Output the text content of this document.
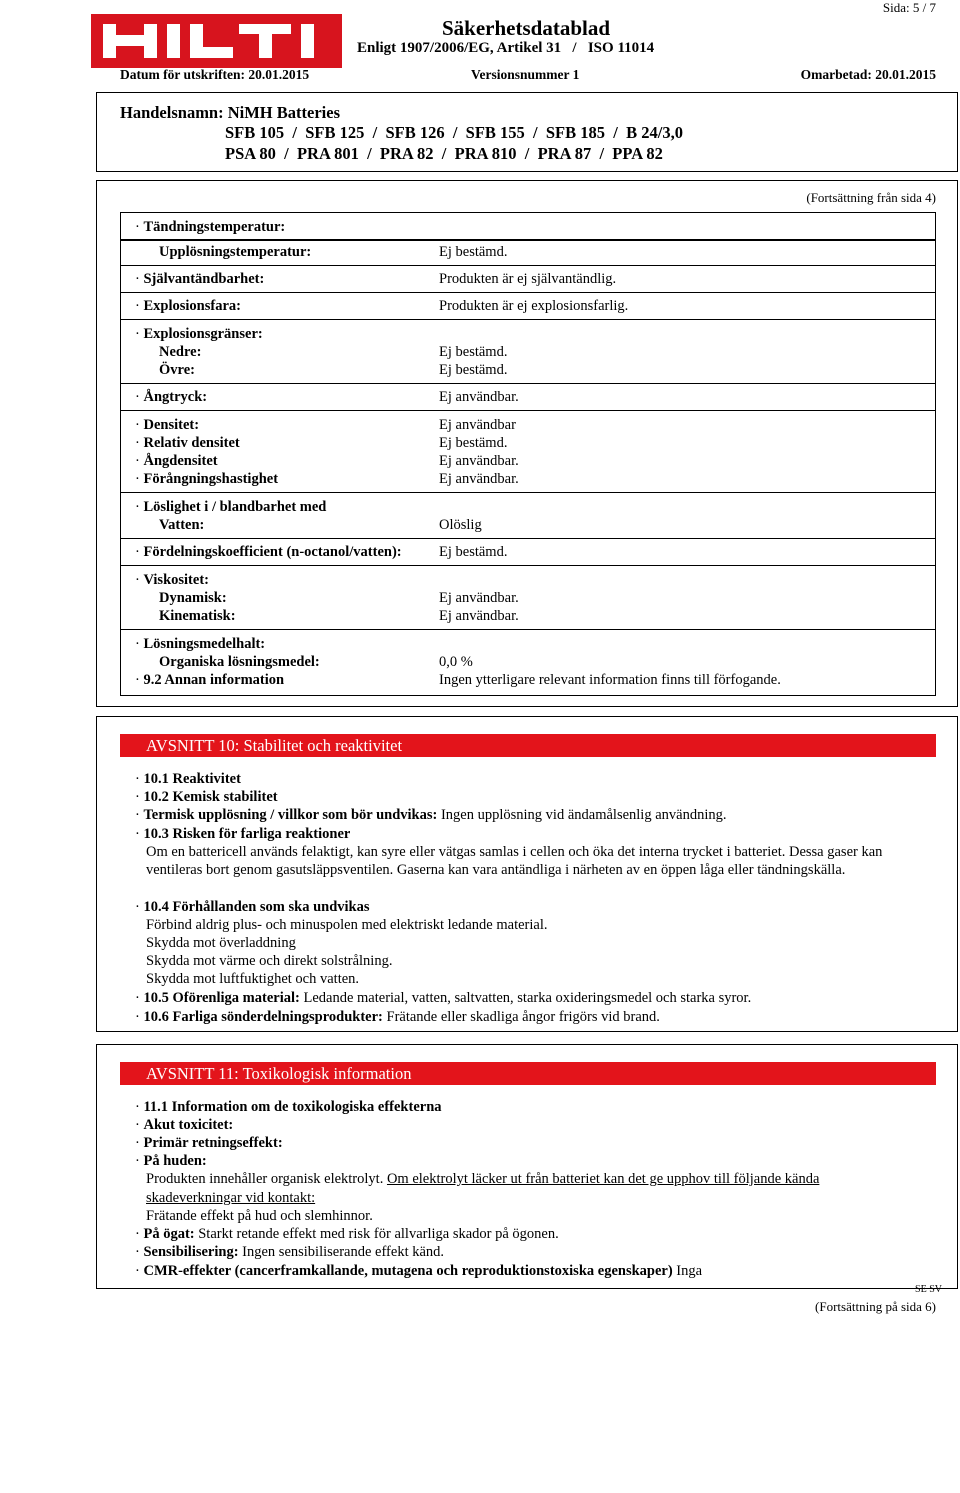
Sida: 5 / 7
Säkerhetsdatablad
Enligt 1907/2006/EG, Artikel 31   /   ISO 11014
Datum för utskriften: 20.01.2015	Versionsnummer 1	Omarbetad: 20.01.2015
Handelsnamn: NiMH Batteries
SFB 105  /  SFB 125  /  SFB 126  /  SFB 155  /  SFB 185  /  B 24/3,0
PSA 80  /  PRA 801  /  PRA 82  /  PRA 810  /  PRA 87  /  PPA 82
(Fortsättning från sida 4)
· Tändningstemperatur:
Upplösningstemperatur:	Ej bestämd.
· Självantändbarhet:	Produkten är ej självantändlig.
· Explosionsfara:	Produkten är ej explosionsfarlig.
· Explosionsgränser:
Nedre:	Ej bestämd.
Övre:	Ej bestämd.
· Ångtryck:	Ej användbar.
· Densitet:	Ej användbar
· Relativ densitet	Ej bestämd.
· Ångdensitet	Ej användbar.
· Förångningshastighet	Ej användbar.
· Löslighet i / blandbarhet med
Vatten:	Olöslig
· Fördelningskoefficient (n-octanol/vatten):	Ej bestämd.
· Viskositet:
Dynamisk:	Ej användbar.
Kinematisk:	Ej användbar.
· Lösningsmedelhalt:
Organiska lösningsmedel:	0,0 %
· 9.2 Annan information	Ingen ytterligare relevant information finns till förfogande.
AVSNITT 10: Stabilitet och reaktivitet
· 10.1 Reaktivitet
· 10.2 Kemisk stabilitet
· Termisk upplösning / villkor som bör undvikas: Ingen upplösning vid ändamålsenlig användning.
· 10.3 Risken för farliga reaktioner
Om en battericell används felaktigt, kan syre eller vätgas samlas i cellen och öka det interna trycket i batteriet. Dessa gaser kan ventileras bort genom gasutsläppsventilen. Gaserna kan vara antändliga i närheten av en öppen låga eller tändningskälla.
· 10.4 Förhållanden som ska undvikas
Förbind aldrig plus- och minuspolen med elektriskt ledande material.
Skydda mot överladdning
Skydda mot värme och direkt solstrålning.
Skydda mot luftfuktighet och vatten.
· 10.5 Oförenliga material: Ledande material, vatten, saltvatten, starka oxideringsmedel och starka syror.
· 10.6 Farliga sönderdelningsprodukter: Frätande eller skadliga ångor frigörs vid brand.
AVSNITT 11: Toxikologisk information
· 11.1 Information om de toxikologiska effekterna
· Akut toxicitet:
· Primär retningseffekt:
· På huden:
Produkten innehåller organisk elektrolyt. Om elektrolyt läcker ut från batteriet kan det ge upphov till följande kända
skadeverkningar vid kontakt:
Frätande effekt på hud och slemhinnor.
· På ögat: Starkt retande effekt med risk för allvarliga skador på ögonen.
· Sensibilisering: Ingen sensibiliserande effekt känd.
· CMR-effekter (cancerframkallande, mutagena och reproduktionstoxiska egenskaper) Inga
SE SV
(Fortsättning på sida 6)
